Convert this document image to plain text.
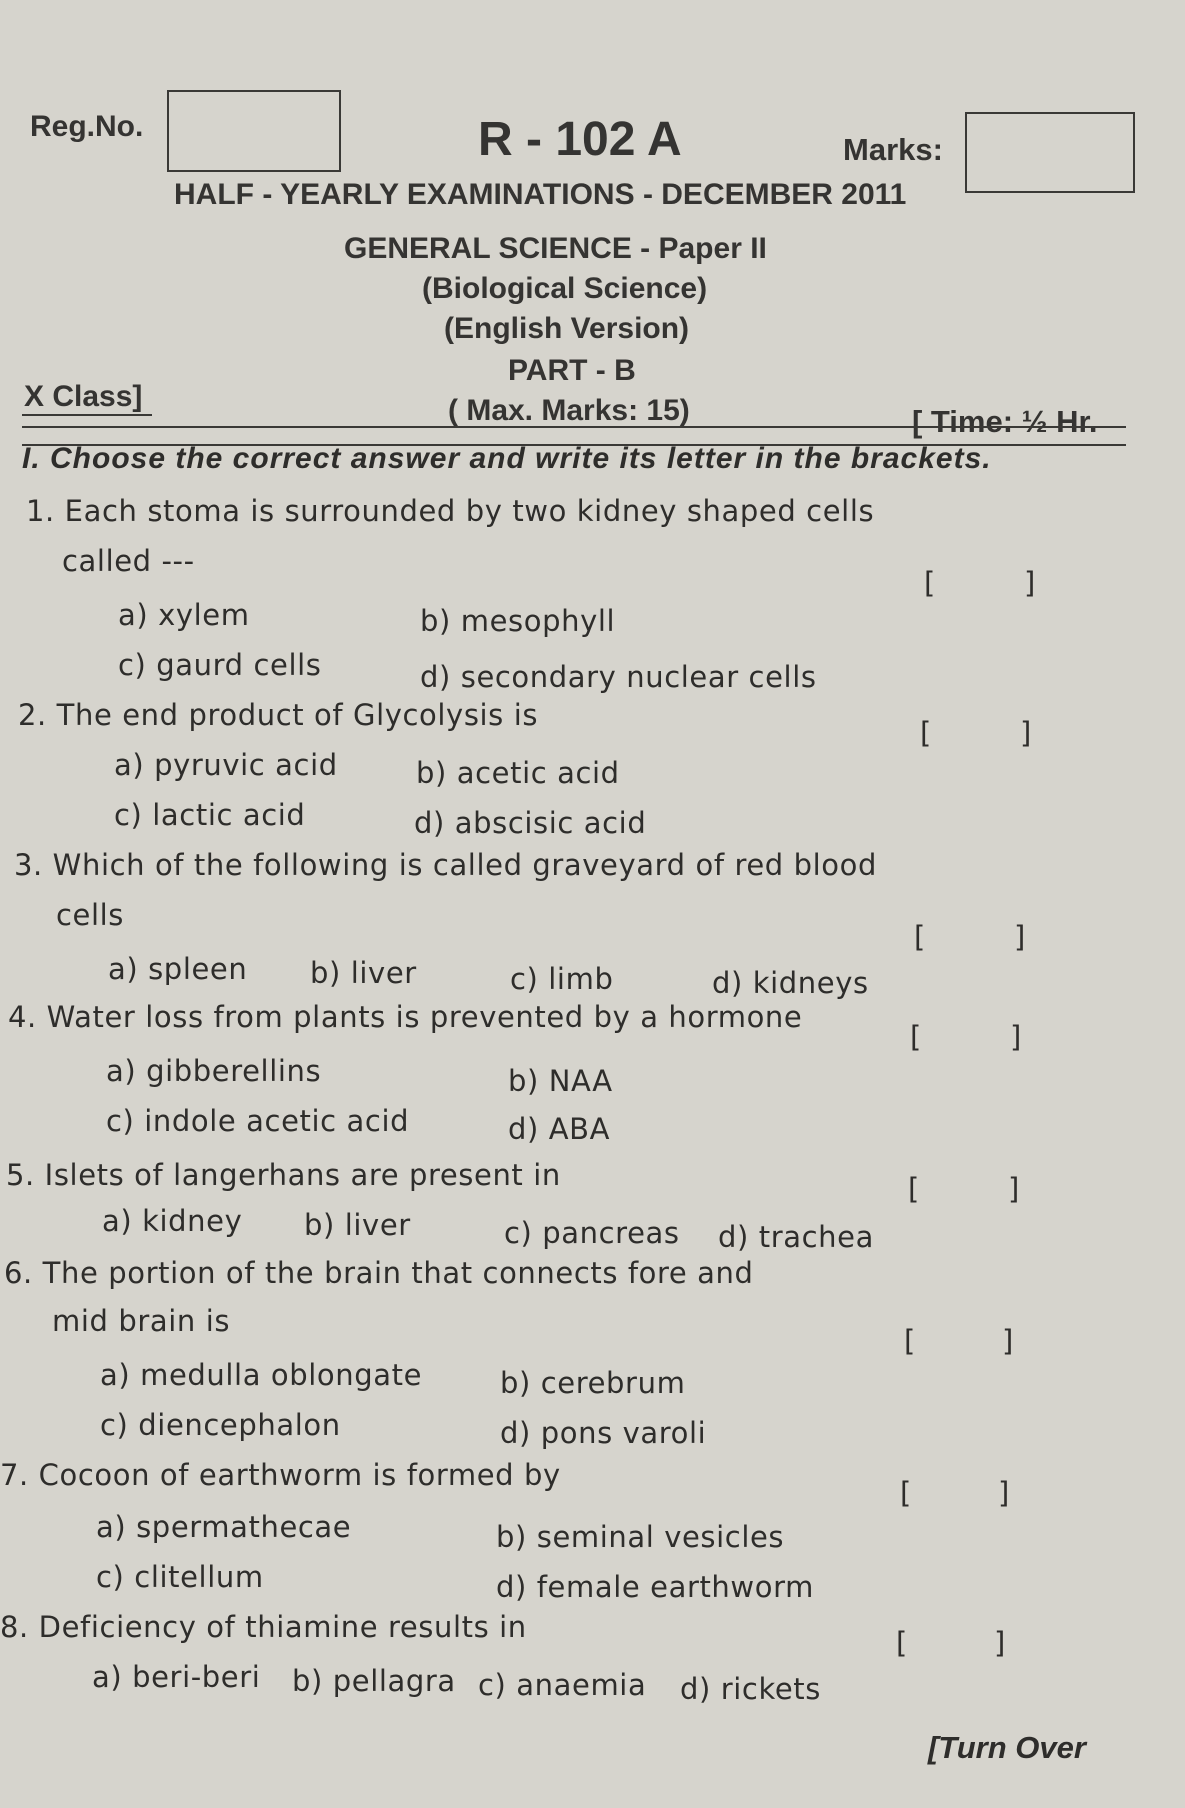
Reg.No.	R - 102 A	Marks:
HALF - YEARLY EXAMINATIONS - DECEMBER 2011
GENERAL SCIENCE - Paper II
(Biological Science)
(English Version)
PART - B
X Class]	( Max. Marks: 15)	[ Time: ½ Hr.
I. Choose the correct answer and write its letter in the brackets.
1. Each stoma is surrounded by two kidney shaped cells
called ---
[	]
a) xylem	b) mesophyll
c) gaurd cells	d) secondary nuclear cells
2. The end product of Glycolysis is
[	]
a) pyruvic acid	b) acetic acid
c) lactic acid	d) abscisic acid
3. Which of the following is called graveyard of red blood
cells
[	]
a) spleen b) liver	c) limb	d) kidneys
4. Water loss from plants is prevented by a hormone
[	]
a) gibberellins	b) NAA
c) indole acetic acid	d) ABA
5. Islets of langerhans are present in	[	]
a) kidney b) liver	c) pancreas d) trachea
6. The portion of the brain that connects fore and
mid brain is
[	]
a) medulla oblongate	b) cerebrum
c) diencephalon	d) pons varoli
7. Cocoon of earthworm is formed by
[	]
a) spermathecae	b) seminal vesicles
c) clitellum	d) female earthworm
8. Deficiency of thiamine results in	[	]
a) beri-beri b) pellagra c) anaemia d) rickets
[Turn Over
